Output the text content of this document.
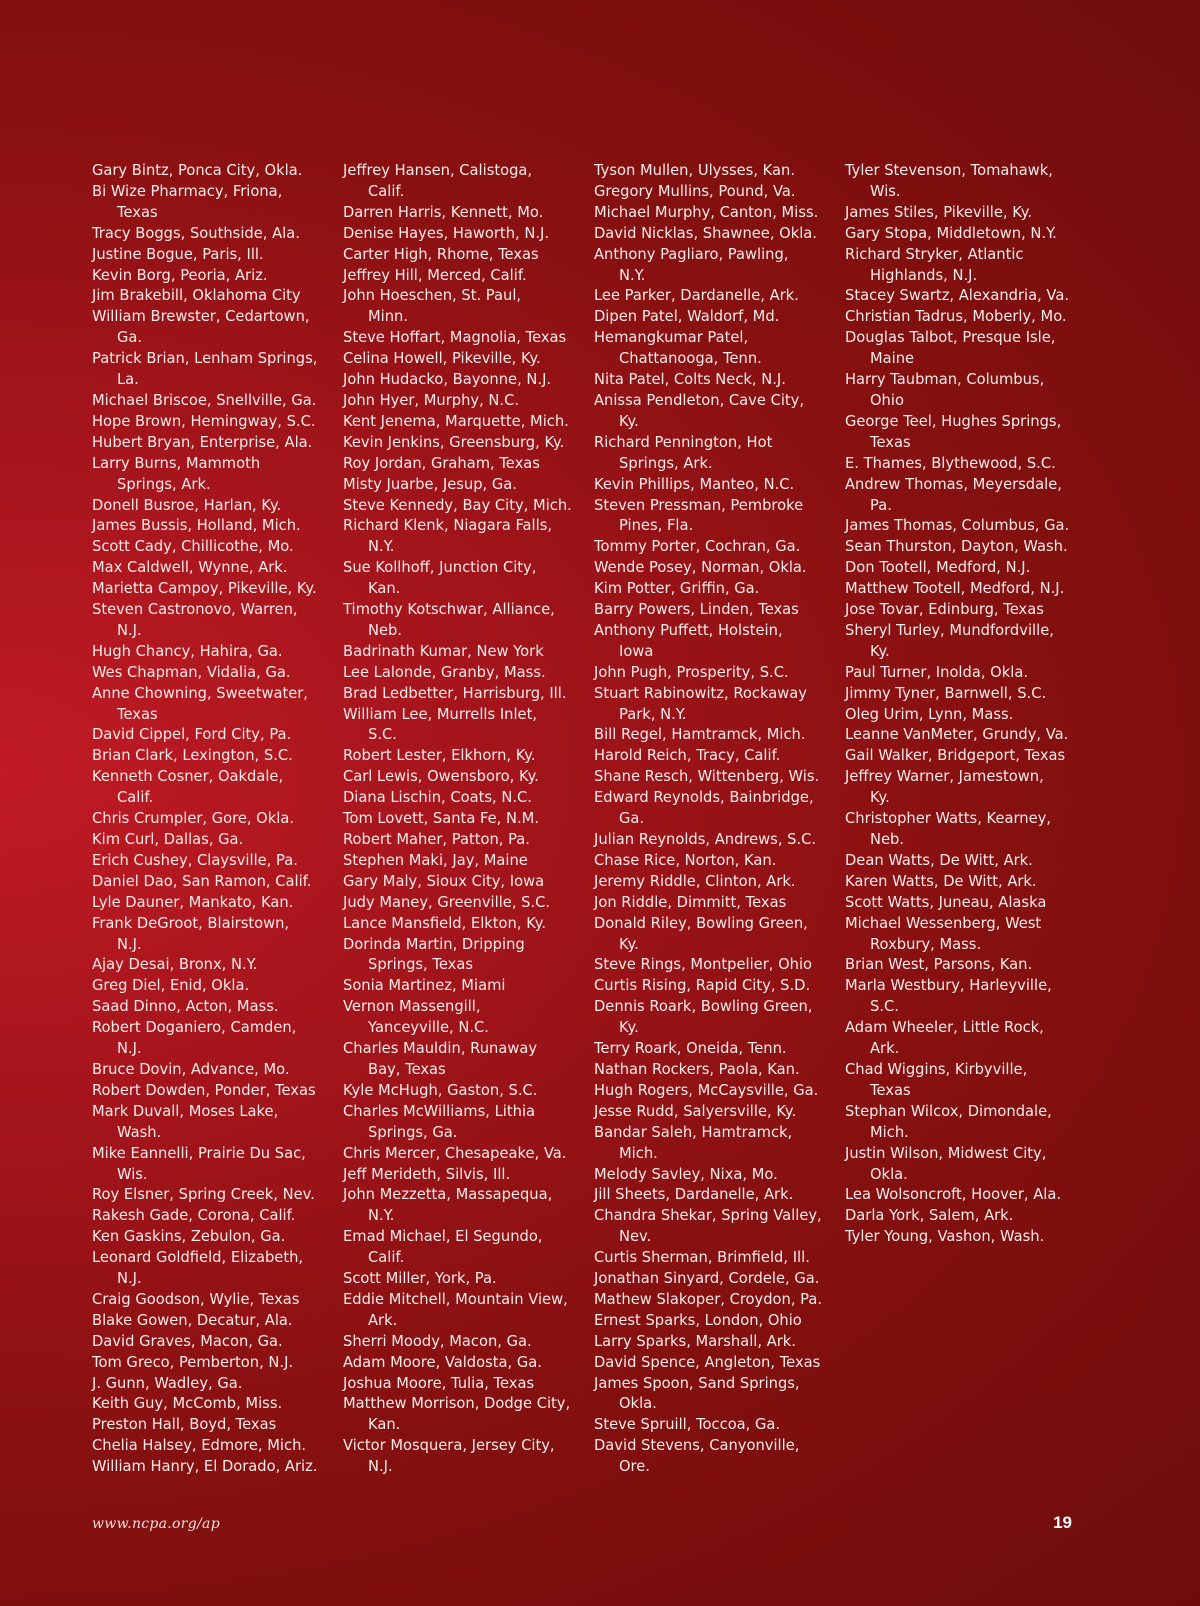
Gary Bintz, Ponca City, Okla.
Bi Wize Pharmacy, Friona,
Texas
Tracy Boggs, Southside, Ala.
Justine Bogue, Paris, Ill.
Kevin Borg, Peoria, Ariz.
Jim Brakebill, Oklahoma City
William Brewster, Cedartown,
Ga.
Patrick Brian, Lenham Springs,
La.
Michael Briscoe, Snellville, Ga.
Hope Brown, Hemingway, S.C.
Hubert Bryan, Enterprise, Ala.
Larry Burns, Mammoth
Springs, Ark.
Donell Busroe, Harlan, Ky.
James Bussis, Holland, Mich.
Scott Cady, Chillicothe, Mo.
Max Caldwell, Wynne, Ark.
Marietta Campoy, Pikeville, Ky.
Steven Castronovo, Warren,
N.J.
Hugh Chancy, Hahira, Ga.
Wes Chapman, Vidalia, Ga.
Anne Chowning, Sweetwater,
Texas
David Cippel, Ford City, Pa.
Brian Clark, Lexington, S.C.
Kenneth Cosner, Oakdale,
Calif.
Chris Crumpler, Gore, Okla.
Kim Curl, Dallas, Ga.
Erich Cushey, Claysville, Pa.
Daniel Dao, San Ramon, Calif.
Lyle Dauner, Mankato, Kan.
Frank DeGroot, Blairstown,
N.J.
Ajay Desai, Bronx, N.Y.
Greg Diel, Enid, Okla.
Saad Dinno, Acton, Mass.
Robert Doganiero, Camden,
N.J.
Bruce Dovin, Advance, Mo.
Robert Dowden, Ponder, Texas
Mark Duvall, Moses Lake,
Wash.
Mike Eannelli, Prairie Du Sac,
Wis.
Roy Elsner, Spring Creek, Nev.
Rakesh Gade, Corona, Calif.
Ken Gaskins, Zebulon, Ga.
Leonard Goldfield, Elizabeth,
N.J.
Craig Goodson, Wylie, Texas
Blake Gowen, Decatur, Ala.
David Graves, Macon, Ga.
Tom Greco, Pemberton, N.J.
J. Gunn, Wadley, Ga.
Keith Guy, McComb, Miss.
Preston Hall, Boyd, Texas
Chelia Halsey, Edmore, Mich.
William Hanry, El Dorado, Ariz.
Jeffrey Hansen, Calistoga,
Calif.
Darren Harris, Kennett, Mo.
Denise Hayes, Haworth, N.J.
Carter High, Rhome, Texas
Jeffrey Hill, Merced, Calif.
John Hoeschen, St. Paul,
Minn.
Steve Hoffart, Magnolia, Texas
Celina Howell, Pikeville, Ky.
John Hudacko, Bayonne, N.J.
John Hyer, Murphy, N.C.
Kent Jenema, Marquette, Mich.
Kevin Jenkins, Greensburg, Ky.
Roy Jordan, Graham, Texas
Misty Juarbe, Jesup, Ga.
Steve Kennedy, Bay City, Mich.
Richard Klenk, Niagara Falls,
N.Y.
Sue Kollhoff, Junction City,
Kan.
Timothy Kotschwar, Alliance,
Neb.
Badrinath Kumar, New York
Lee Lalonde, Granby, Mass.
Brad Ledbetter, Harrisburg, Ill.
William Lee, Murrells Inlet,
S.C.
Robert Lester, Elkhorn, Ky.
Carl Lewis, Owensboro, Ky.
Diana Lischin, Coats, N.C.
Tom Lovett, Santa Fe, N.M.
Robert Maher, Patton, Pa.
Stephen Maki, Jay, Maine
Gary Maly, Sioux City, Iowa
Judy Maney, Greenville, S.C.
Lance Mansfield, Elkton, Ky.
Dorinda Martin, Dripping
Springs, Texas
Sonia Martinez, Miami
Vernon Massengill,
Yanceyville, N.C.
Charles Mauldin, Runaway
Bay, Texas
Kyle McHugh, Gaston, S.C.
Charles McWilliams, Lithia
Springs, Ga.
Chris Mercer, Chesapeake, Va.
Jeff Merideth, Silvis, Ill.
John Mezzetta, Massapequa,
N.Y.
Emad Michael, El Segundo,
Calif.
Scott Miller, York, Pa.
Eddie Mitchell, Mountain View,
Ark.
Sherri Moody, Macon, Ga.
Adam Moore, Valdosta, Ga.
Joshua Moore, Tulia, Texas
Matthew Morrison, Dodge City,
Kan.
Victor Mosquera, Jersey City,
N.J.
Tyson Mullen, Ulysses, Kan.
Gregory Mullins, Pound, Va.
Michael Murphy, Canton, Miss.
David Nicklas, Shawnee, Okla.
Anthony Pagliaro, Pawling,
N.Y.
Lee Parker, Dardanelle, Ark.
Dipen Patel, Waldorf, Md.
Hemangkumar Patel,
Chattanooga, Tenn.
Nita Patel, Colts Neck, N.J.
Anissa Pendleton, Cave City,
Ky.
Richard Pennington, Hot
Springs, Ark.
Kevin Phillips, Manteo, N.C.
Steven Pressman, Pembroke
Pines, Fla.
Tommy Porter, Cochran, Ga.
Wende Posey, Norman, Okla.
Kim Potter, Griffin, Ga.
Barry Powers, Linden, Texas
Anthony Puffett, Holstein,
Iowa
John Pugh, Prosperity, S.C.
Stuart Rabinowitz, Rockaway
Park, N.Y.
Bill Regel, Hamtramck, Mich.
Harold Reich, Tracy, Calif.
Shane Resch, Wittenberg, Wis.
Edward Reynolds, Bainbridge,
Ga.
Julian Reynolds, Andrews, S.C.
Chase Rice, Norton, Kan.
Jeremy Riddle, Clinton, Ark.
Jon Riddle, Dimmitt, Texas
Donald Riley, Bowling Green,
Ky.
Steve Rings, Montpelier, Ohio
Curtis Rising, Rapid City, S.D.
Dennis Roark, Bowling Green,
Ky.
Terry Roark, Oneida, Tenn.
Nathan Rockers, Paola, Kan.
Hugh Rogers, McCaysville, Ga.
Jesse Rudd, Salyersville, Ky.
Bandar Saleh, Hamtramck,
Mich.
Melody Savley, Nixa, Mo.
Jill Sheets, Dardanelle, Ark.
Chandra Shekar, Spring Valley,
Nev.
Curtis Sherman, Brimfield, Ill.
Jonathan Sinyard, Cordele, Ga.
Mathew Slakoper, Croydon, Pa.
Ernest Sparks, London, Ohio
Larry Sparks, Marshall, Ark.
David Spence, Angleton, Texas
James Spoon, Sand Springs,
Okla.
Steve Spruill, Toccoa, Ga.
David Stevens, Canyonville,
Ore.
Tyler Stevenson, Tomahawk,
Wis.
James Stiles, Pikeville, Ky.
Gary Stopa, Middletown, N.Y.
Richard Stryker, Atlantic
Highlands, N.J.
Stacey Swartz, Alexandria, Va.
Christian Tadrus, Moberly, Mo.
Douglas Talbot, Presque Isle,
Maine
Harry Taubman, Columbus,
Ohio
George Teel, Hughes Springs,
Texas
E. Thames, Blythewood, S.C.
Andrew Thomas, Meyersdale,
Pa.
James Thomas, Columbus, Ga.
Sean Thurston, Dayton, Wash.
Don Tootell, Medford, N.J.
Matthew Tootell, Medford, N.J.
Jose Tovar, Edinburg, Texas
Sheryl Turley, Mundfordville,
Ky.
Paul Turner, Inolda, Okla.
Jimmy Tyner, Barnwell, S.C.
Oleg Urim, Lynn, Mass.
Leanne VanMeter, Grundy, Va.
Gail Walker, Bridgeport, Texas
Jeffrey Warner, Jamestown,
Ky.
Christopher Watts, Kearney,
Neb.
Dean Watts, De Witt, Ark.
Karen Watts, De Witt, Ark.
Scott Watts, Juneau, Alaska
Michael Wessenberg, West
Roxbury, Mass.
Brian West, Parsons, Kan.
Marla Westbury, Harleyville,
S.C.
Adam Wheeler, Little Rock,
Ark.
Chad Wiggins, Kirbyville,
Texas
Stephan Wilcox, Dimondale,
Mich.
Justin Wilson, Midwest City,
Okla.
Lea Wolsoncroft, Hoover, Ala.
Darla York, Salem, Ark.
Tyler Young, Vashon, Wash.
www.ncpa.org/ap	19
